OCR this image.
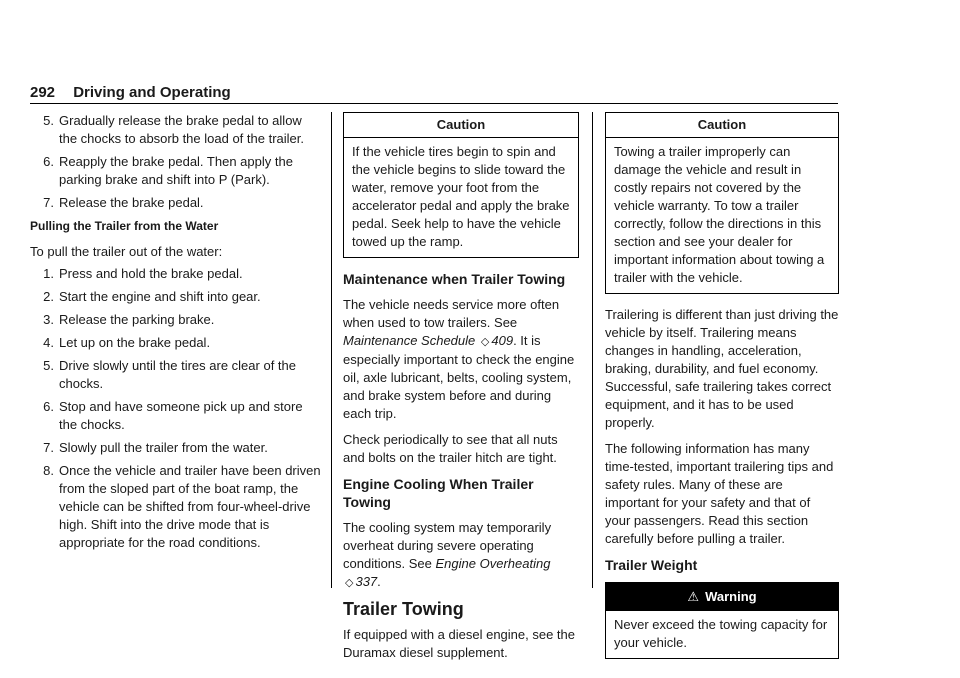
292 Driving and Operating
5. Gradually release the brake pedal to allow the chocks to absorb the load of the trailer.
6. Reapply the brake pedal. Then apply the parking brake and shift into P (Park).
7. Release the brake pedal.
Pulling the Trailer from the Water

To pull the trailer out of the water:

1. Press and hold the brake pedal.
2. Start the engine and shift into gear.
3. Release the parking brake.
4. Let up on the brake pedal.
5. Drive slowly until the tires are clear of the chocks.
6. Stop and have someone pick up and store the chocks.
7. Slowly pull the trailer from the water.
8. Once the vehicle and trailer have been driven from the sloped part of the boat ramp, the vehicle can be shifted from four-wheel-drive high. Shift into the drive mode that is appropriate for the road conditions.
Caution
If the vehicle tires begin to spin and the vehicle begins to slide toward the water, remove your foot from the accelerator pedal and apply the brake pedal. Seek help to have the vehicle towed up the ramp.
Maintenance when Trailer Towing

The vehicle needs service more often when used to tow trailers. See Maintenance Schedule ◇ 409. It is especially important to check the engine oil, axle lubricant, belts, cooling system, and brake system before and during each trip.

Check periodically to see that all nuts and bolts on the trailer hitch are tight.

Engine Cooling When Trailer Towing

The cooling system may temporarily overheat during severe operating conditions. See Engine Overheating ◇ 337.

Trailer Towing

If equipped with a diesel engine, see the Duramax diesel supplement.

Caution
Towing a trailer improperly can damage the vehicle and result in costly repairs not covered by the vehicle warranty. To tow a trailer correctly, follow the directions in this section and see your dealer for important information about towing a trailer with the vehicle.

Trailering is different than just driving the vehicle by itself. Trailering means changes in handling, acceleration, braking, durability, and fuel economy. Successful, safe trailering takes correct equipment, and it has to be used properly.

The following information has many time-tested, important trailering tips and safety rules. Many of these are important for your safety and that of your passengers. Read this section carefully before pulling a trailer.

Trailer Weight
⚠ Warning
Never exceed the towing capacity for your vehicle.
